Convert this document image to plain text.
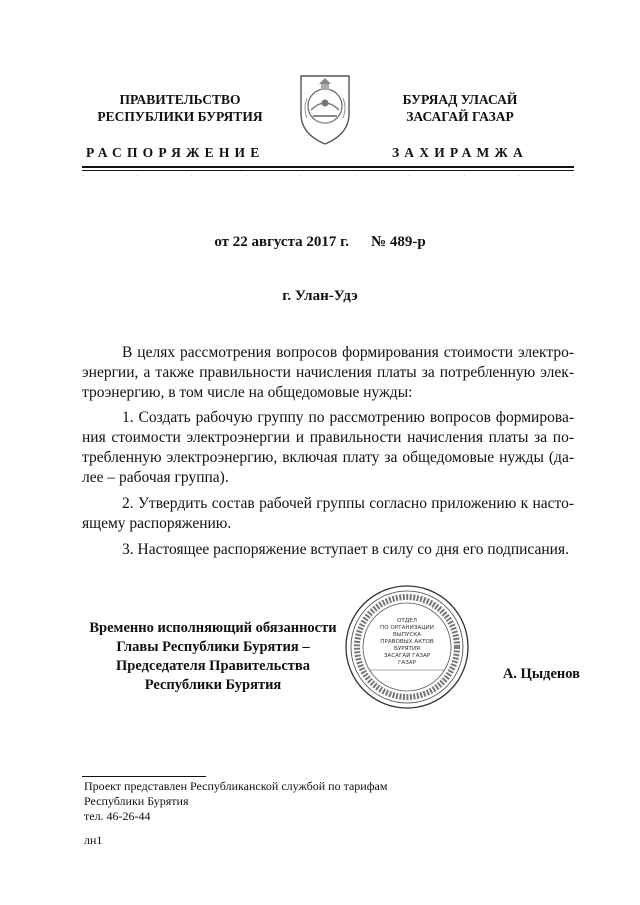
ПРАВИТЕЛЬСТВО
РЕСПУБЛИКИ БУРЯТИЯ
РАСПОРЯЖЕНИЕ
БУРЯАД УЛАСАЙ
ЗАСАГАЙ ГАЗАР
ЗАХИРАМЖА
.	.	.	.	.	.	.	.	.	.
от 22 августа 2017 г. № 489-р
г. Улан-Удэ
В целях рассмотрения вопросов формирования стоимости электроэнергии, а также правильности начисления платы за потребленную электроэнергию, в том числе на общедомовые нужды:
1. Создать рабочую группу по рассмотрению вопросов формирования стоимости электроэнергии и правильности начисления платы за потребленную электроэнергию, включая плату за общедомовые нужды (далее – рабочая группа).
2. Утвердить состав рабочей группы согласно приложению к настоящему распоряжению.
3. Настоящее распоряжение вступает в силу со дня его подписания.
Временно исполняющий обязанности
Главы Республики Бурятия –
Председателя Правительства
Республики Бурятия
ОТДЕЛ
ПО ОРГАНИЗАЦИИ
ВЫПУСКА
ПРАВОВЫХ АКТОВ
БУРЯТИЯ
ЗАСАГАЙ ГАЗАР
ГАЗАР
А. Цыденов
Проект представлен Республиканской службой по тарифам
Республики Бурятия
тел. 46-26-44
лн1
